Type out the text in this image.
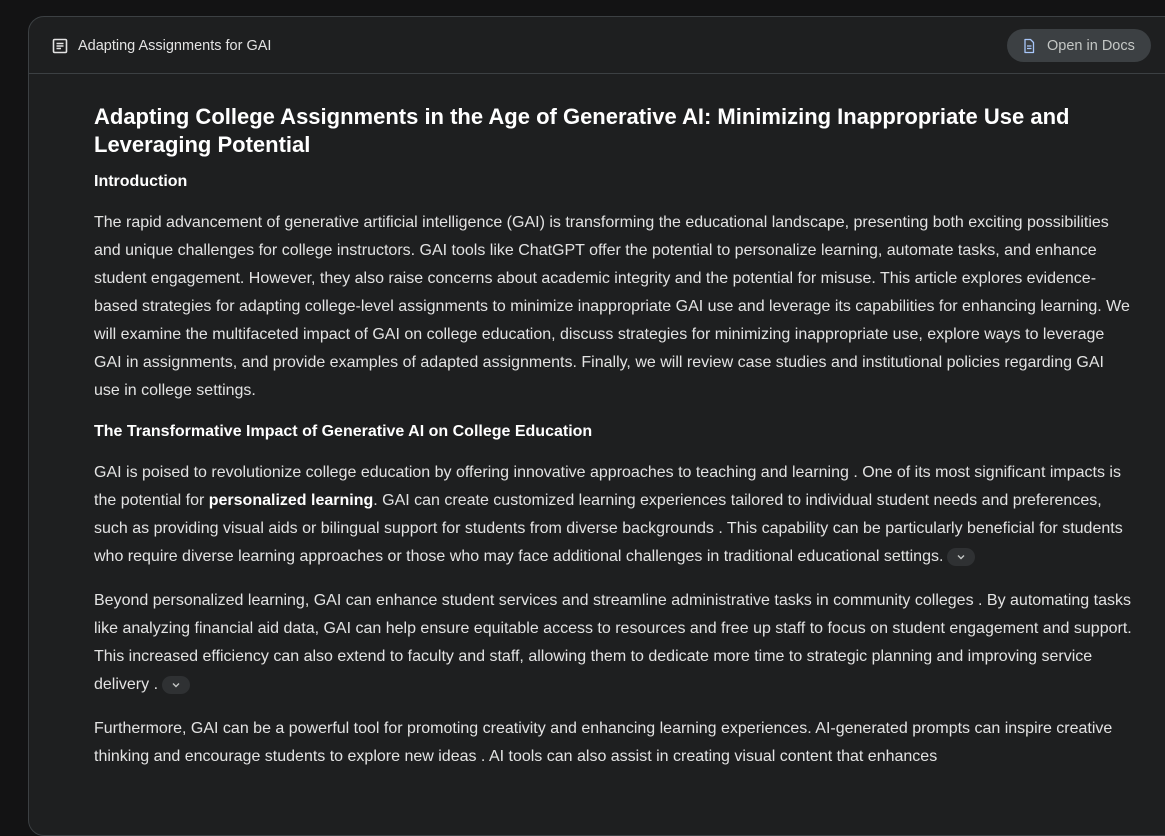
Adapting Assignments for GAI	Open in Docs
Adapting College Assignments in the Age of Generative AI: Minimizing Inappropriate Use and Leveraging Potential
Introduction

The rapid advancement of generative artificial intelligence (GAI) is transforming the educational landscape, presenting both exciting possibilities and unique challenges for college instructors. GAI tools like ChatGPT offer the potential to personalize learning, automate tasks, and enhance student engagement. However, they also raise concerns about academic integrity and the potential for misuse. This article explores evidence-based strategies for adapting college-level assignments to minimize inappropriate GAI use and leverage its capabilities for enhancing learning. We will examine the multifaceted impact of GAI on college education, discuss strategies for minimizing inappropriate use, explore ways to leverage GAI in assignments, and provide examples of adapted assignments. Finally, we will review case studies and institutional policies regarding GAI use in college settings.

The Transformative Impact of Generative AI on College Education

GAI is poised to revolutionize college education by offering innovative approaches to teaching and learning . One of its most significant impacts is the potential for personalized learning. GAI can create customized learning experiences tailored to individual student needs and preferences, such as providing visual aids or bilingual support for students from diverse backgrounds . This capability can be particularly beneficial for students who require diverse learning approaches or those who may face additional challenges in traditional educational settings.

Beyond personalized learning, GAI can enhance student services and streamline administrative tasks in community colleges . By automating tasks like analyzing financial aid data, GAI can help ensure equitable access to resources and free up staff to focus on student engagement and support. This increased efficiency can also extend to faculty and staff, allowing them to dedicate more time to strategic planning and improving service delivery .

Furthermore, GAI can be a powerful tool for promoting creativity and enhancing learning experiences. AI-generated prompts can inspire creative thinking and encourage students to explore new ideas . AI tools can also assist in creating visual content that enhances
